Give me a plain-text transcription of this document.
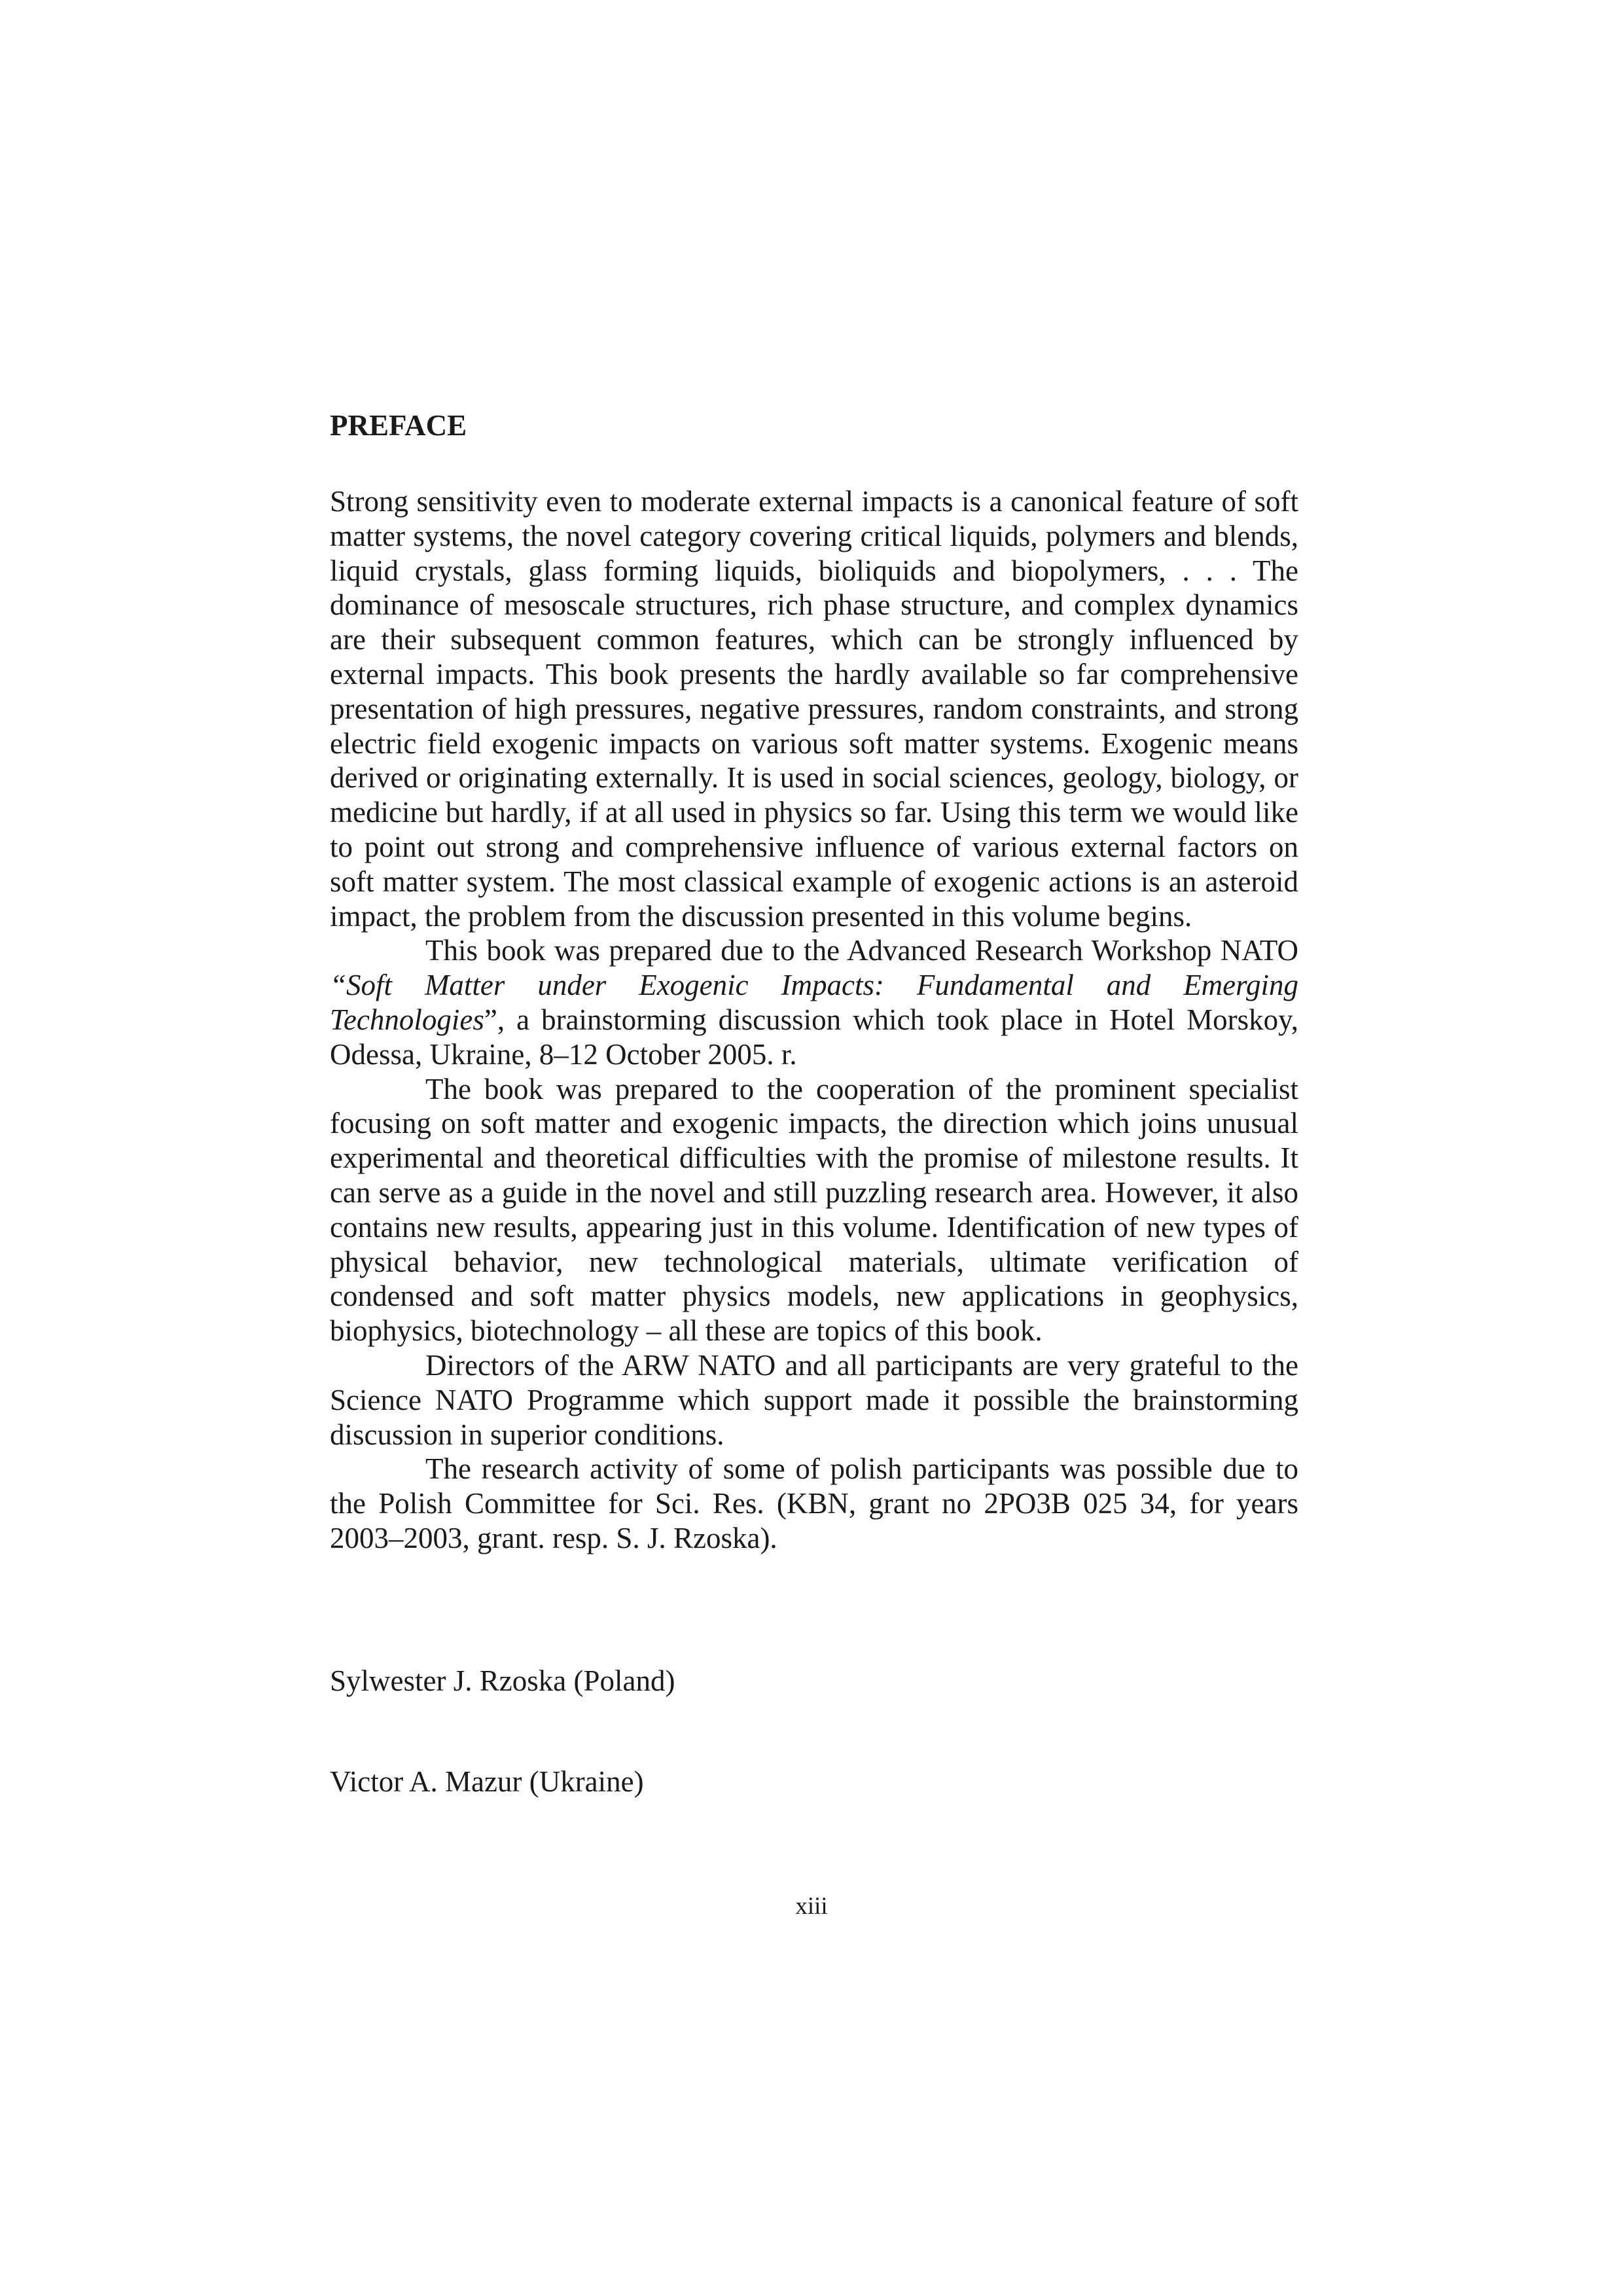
PREFACE

Strong sensitivity even to moderate external impacts is a canonical feature of soft matter systems, the novel category covering critical liquids, polymers and blends, liquid crystals, glass forming liquids, bioliquids and biopolymers, . . . The dominance of mesoscale structures, rich phase structure, and complex dynamics are their subsequent common features, which can be strongly influenced by external impacts. This book presents the hardly available so far comprehensive presentation of high pressures, negative pressures, random constraints, and strong electric field exogenic impacts on various soft matter systems. Exogenic means derived or originating externally. It is used in social sciences, geology, biology, or medicine but hardly, if at all used in physics so far. Using this term we would like to point out strong and comprehensive influence of various external factors on soft matter system. The most classical example of exogenic actions is an asteroid impact, the problem from the discussion presented in this volume begins.

This book was prepared due to the Advanced Research Workshop NATO “Soft Matter under Exogenic Impacts: Fundamental and Emerging Technologies”, a brainstorming discussion which took place in Hotel Morskoy, Odessa, Ukraine, 8–12 October 2005. r.

The book was prepared to the cooperation of the prominent specialist focusing on soft matter and exogenic impacts, the direction which joins unusual experimental and theoretical difficulties with the promise of milestone results. It can serve as a guide in the novel and still puzzling research area. However, it also contains new results, appearing just in this volume. Identification of new types of physical behavior, new technological materials, ultimate verification of condensed and soft matter physics models, new applications in geophysics, biophysics, biotechnology – all these are topics of this book.

Directors of the ARW NATO and all participants are very grateful to the Science NATO Programme which support made it possible the brainstorming discussion in superior conditions.

The research activity of some of polish participants was possible due to the Polish Committee for Sci. Res. (KBN, grant no 2PO3B 025 34, for years 2003–2003, grant. resp. S. J. Rzoska).

Sylwester J. Rzoska (Poland)

Victor A. Mazur (Ukraine)

xiii
